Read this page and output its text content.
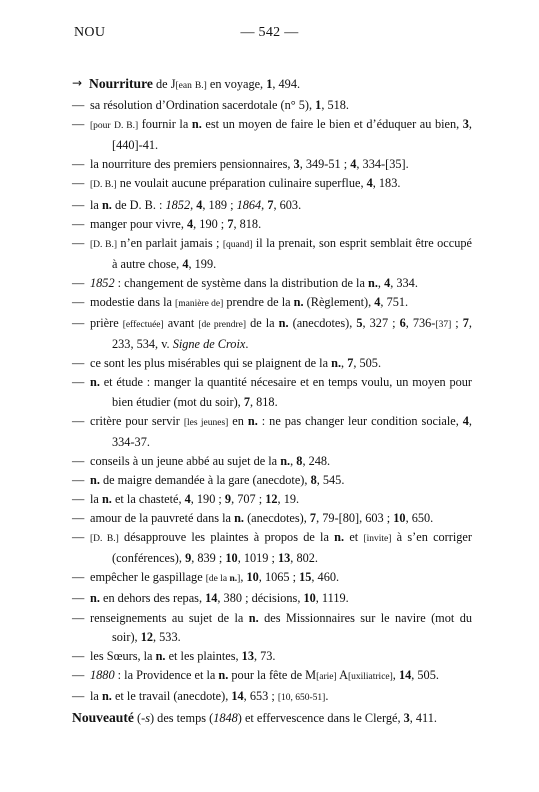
— 542 —
NOU
→ Nourriture de J[ean B.] en voyage, 1, 494.
—
sa résolution d’Ordination sacerdotale (n° 5), 1, 518.
—
[pour D. B.] fournir la n. est un moyen de faire le bien et d’éduquer au bien, 3, [440]-41.
—
la nourriture des premiers pensionnaires, 3, 349-51 ; 4, 334-[35].
—
[D. B.] ne voulait aucune préparation culinaire superflue, 4, 183.
—
la n. de D. B. : 1852, 4, 189 ; 1864, 7, 603.
—
manger pour vivre, 4, 190 ; 7, 818.
—
[D. B.] n’en parlait jamais ; [quand] il la prenait, son esprit semblait être occupé à autre chose, 4, 199.
—
1852 : changement de système dans la distribution de la n., 4, 334.
—
modestie dans la [manière de] prendre de la n. (Règlement), 4, 751.
—
prière [effectuée] avant [de prendre] de la n. (anecdotes), 5, 327 ; 6, 736-[37] ; 7, 233, 534, v. Signe de Croix.
—
ce sont les plus misérables qui se plaignent de la n., 7, 505.
—
n. et étude : manger la quantité nécesaire et en temps voulu, un moyen pour bien étudier (mot du soir), 7, 818.
—
critère pour servir [les jeunes] en n. : ne pas changer leur condition sociale, 4, 334-37.
—
conseils à un jeune abbé au sujet de la n., 8, 248.
—
n. de maigre demandée à la gare (anecdote), 8, 545.
—
la n. et la chasteté, 4, 190 ; 9, 707 ; 12, 19.
—
amour de la pauvreté dans la n. (anecdotes), 7, 79-[80], 603 ; 10, 650.
—
[D. B.] désapprouve les plaintes à propos de la n. et [invite] à s’en corriger (conférences), 9, 839 ; 10, 1019 ; 13, 802.
—
empêcher le gaspillage [de la n.], 10, 1065 ; 15, 460.
—
n. en dehors des repas, 14, 380 ; décisions, 10, 1119.
—
renseignements au sujet de la n. des Missionnaires sur le navire (mot du soir), 12, 533.
—
les Sœurs, la n. et les plaintes, 13, 73.
—
1880 : la Providence et la n. pour la fête de M[arie] A[uxiliatrice], 14, 505.
—
la n. et le travail (anecdote), 14, 653 ; [10, 650-51].
Nouveauté (-s) des temps (1848) et effervescence dans le Clergé, 3, 411.
